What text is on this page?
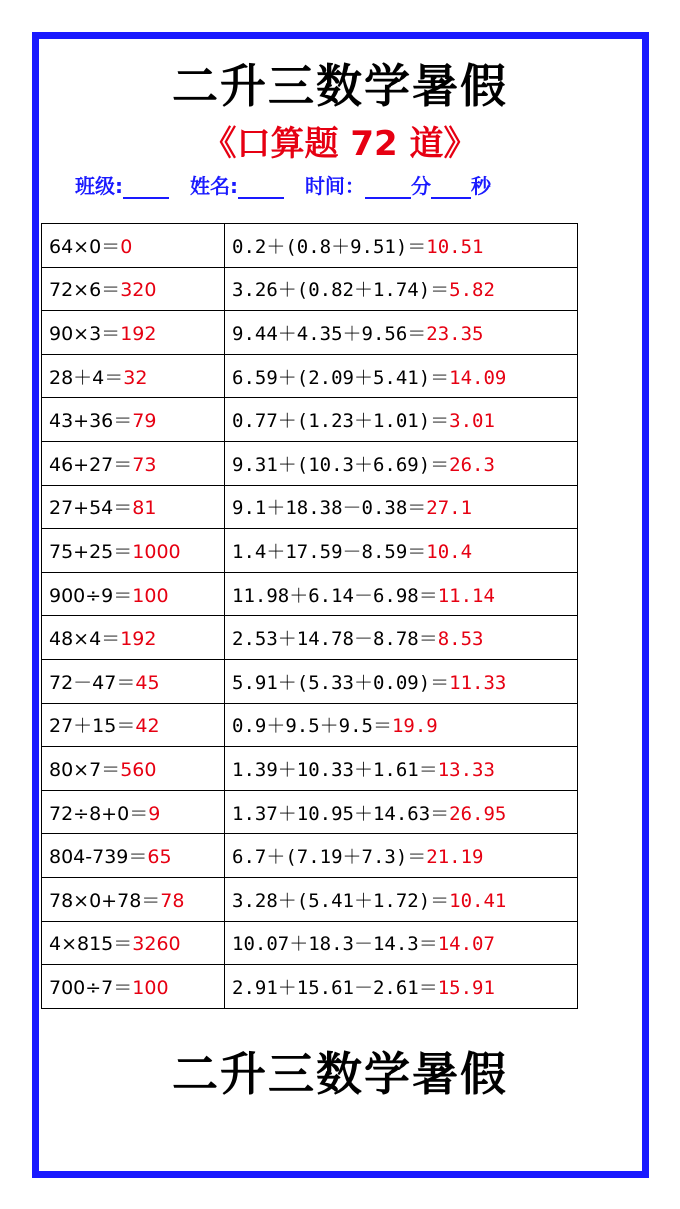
二升三数学暑假
《口算题 72 道》
班级:	姓名:	时间： 分 秒
64×0＝0	0.2＋(0.8＋9.51)＝10.51
72×6＝320	3.26＋(0.82＋1.74)＝5.82
90×3＝192	9.44＋4.35＋9.56＝23.35
28＋4＝32	6.59＋(2.09＋5.41)＝14.09
43+36＝79	0.77＋(1.23＋1.01)＝3.01
46+27＝73	9.31＋(10.3＋6.69)＝26.3
27+54＝81	9.1＋18.38－0.38＝27.1
75+25＝1000	1.4＋17.59－8.59＝10.4
900÷9＝100	11.98＋6.14－6.98＝11.14
48×4＝192	2.53＋14.78－8.78＝8.53
72－47＝45	5.91＋(5.33＋0.09)＝11.33
27＋15＝42	0.9＋9.5＋9.5＝19.9
80×7＝560	1.39＋10.33＋1.61＝13.33
72÷8+0＝9	1.37＋10.95＋14.63＝26.95
804-739＝65	6.7＋(7.19＋7.3)＝21.19
78×0+78＝78	3.28＋(5.41＋1.72)＝10.41
4×815＝3260	10.07＋18.3－14.3＝14.07
700÷7＝100	2.91＋15.61－2.61＝15.91
二升三数学暑假
